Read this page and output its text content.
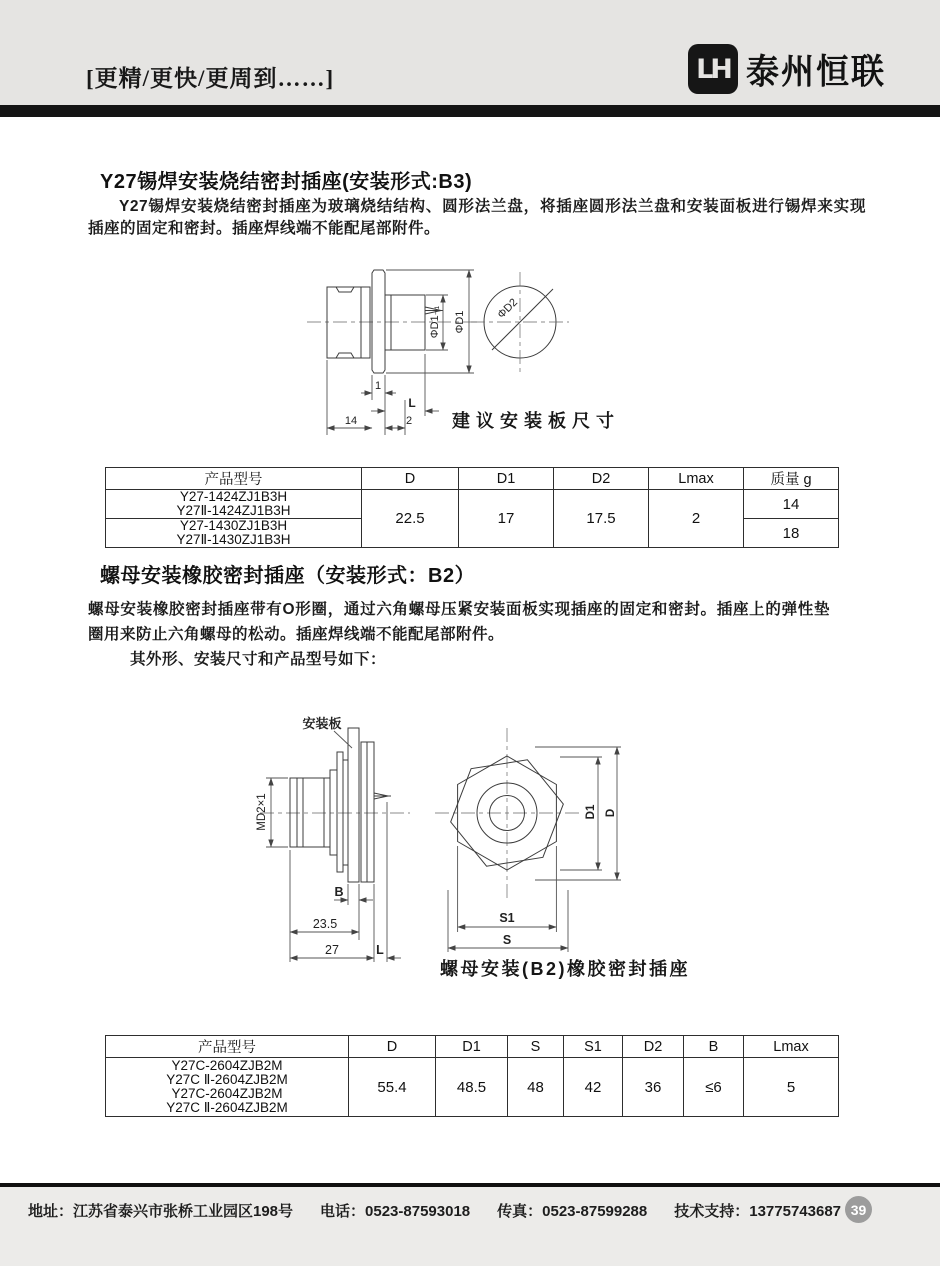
[更精/更快/更周到……]	LH 泰州恒联
Y27锡焊安装烧结密封插座(安装形式:B3)
Y27锡焊安装烧结密封插座为玻璃烧结结构、圆形法兰盘，将插座圆形法兰盘和安装面板进行锡焊来实现插座的固定和密封。插座焊线端不能配尾部附件。
ΦD1₋₁ ΦD1
ΦD2
1
L
14	2 建议安装板尺寸
产品型号	D	D1	D2	Lmax	质量 g

Y27-1424ZJ1B3H
Y27Ⅱ-1424ZJ1B3H	22.5	17	17.5	2	14

Y27-1430ZJ1B3H
Y27Ⅱ-1430ZJ1B3H					18
螺母安装橡胶密封插座（安装形式：B2）
螺母安装橡胶密封插座带有O形圈，通过六角螺母压紧安装面板实现插座的固定和密封。插座上的弹性垫圈用来防止六角螺母的松动。插座焊线端不能配尾部附件。
其外形、安装尺寸和产品型号如下：
安装板
MD2×1
B
23.5
27	L
D1 D
S1
S
螺母安装(B2)橡胶密封插座
产品型号	D	D1	S	S1	D2	B	Lmax

Y27C-2604ZJB2M
Y27C Ⅱ-2604ZJB2M
Y27C-2604ZJB2M
Y27C Ⅱ-2604ZJB2M	55.4	48.5	48	42	36	≤6	5
地址：江苏省泰兴市张桥工业园区198号 电话：0523-87593018 传真：0523-87599288 技术支持：13775743687 39
